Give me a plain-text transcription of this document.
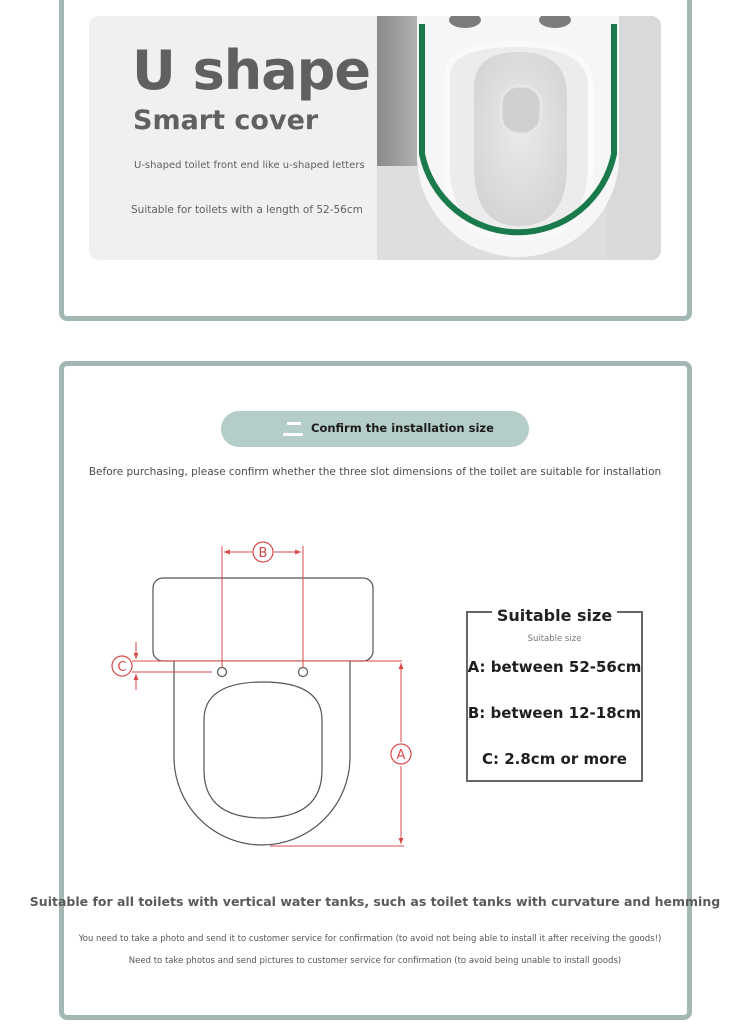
U shape
Smart cover
U-shaped toilet front end like u-shaped letters
Suitable for toilets with a length of 52-56cm
Confirm the installation size
Before purchasing, please confirm whether the three slot dimensions of the toilet are suitable for installation
B
C
A
Suitable size
Suitable size
A: between 52-56cm
B: between 12-18cm
C: 2.8cm or more
Suitable for all toilets with vertical water tanks, such as toilet tanks with curvature and hemming
You need to take a photo and send it to customer service for confirmation (to avoid not being able to install it after receiving the goods!)
Need to take photos and send pictures to customer service for confirmation (to avoid being unable to install goods)
